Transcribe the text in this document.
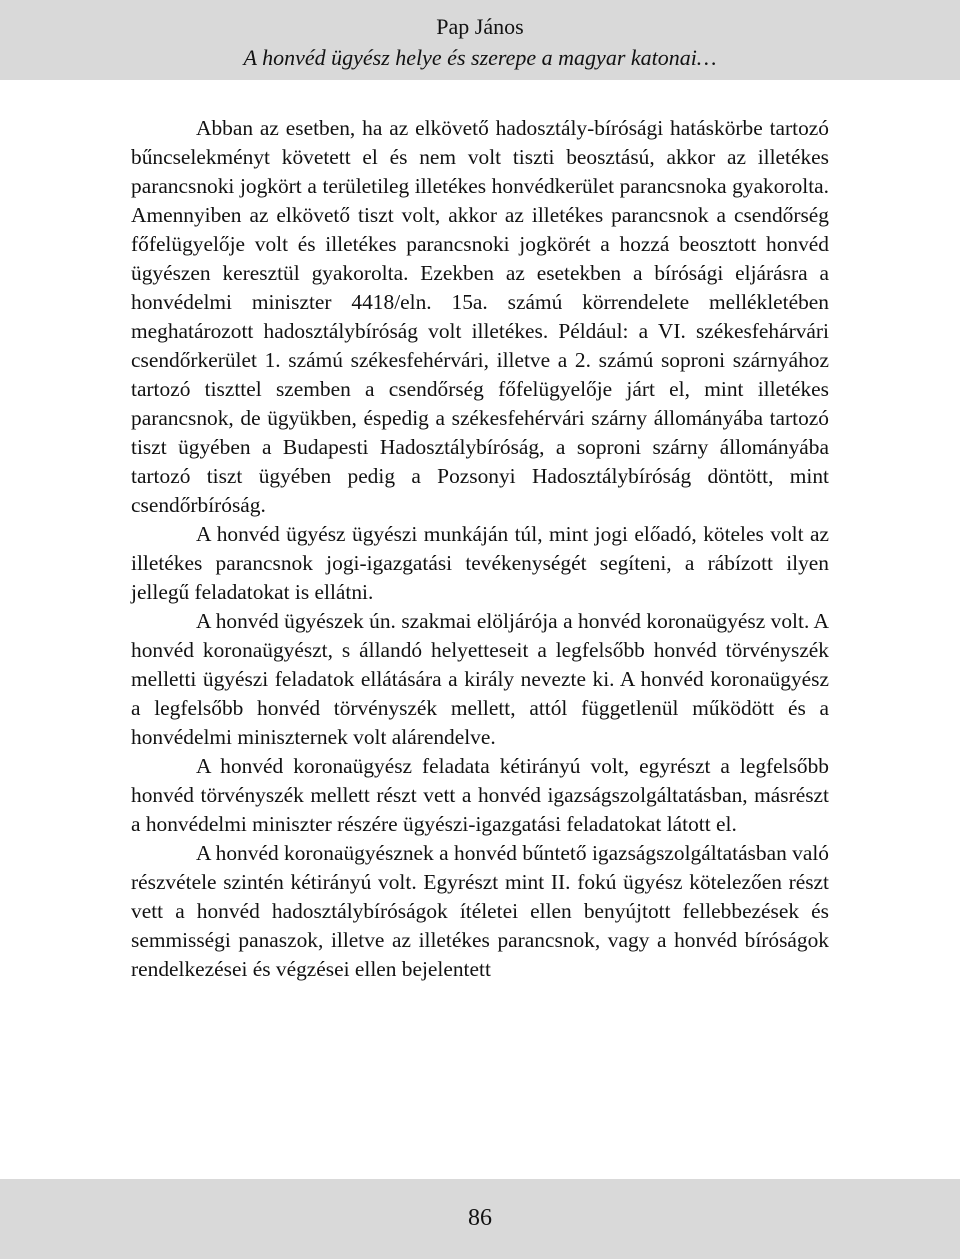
Pap János
A honvéd ügyész helye és szerepe a magyar katonai…

Abban az esetben, ha az elkövető hadosztály-bírósági hatáskörbe tartozó bűncselekményt követett el és nem volt tiszti beosztású, akkor az illetékes parancsnoki jogkört a területileg illetékes honvédkerület parancsnoka gyakorolta. Amennyiben az elkövető tiszt volt, akkor az illetékes parancsnok a csendőrség főfelügyelője volt és illetékes parancsnoki jogkörét a hozzá beosztott honvéd ügyészen keresztül gyakorolta. Ezekben az esetekben a bírósági eljárásra a honvédelmi miniszter 4418/eln. 15a. számú körrendelete mellékletében meghatározott hadosztálybíróság volt illetékes. Például: a VI. székesfehárvári csendőrkerület 1. számú székesfehérvári, illetve a 2. számú soproni szárnyához tartozó tiszttel szemben a csendőrség főfelügyelője járt el, mint illetékes parancsnok, de ügyükben, éspedig a székesfehérvári szárny állományába tartozó tiszt ügyében a Budapesti Hadosztálybíróság, a soproni szárny állományába tartozó tiszt ügyében pedig a Pozsonyi Hadosztálybíróság döntött, mint csendőrbíróság.

A honvéd ügyész ügyészi munkáján túl, mint jogi előadó, köteles volt az illetékes parancsnok jogi-igazgatási tevékenységét segíteni, a rábízott ilyen jellegű feladatokat is ellátni.

A honvéd ügyészek ún. szakmai elöljárója a honvéd koronaügyész volt. A honvéd koronaügyészt, s állandó helyetteseit a legfelsőbb honvéd törvényszék melletti ügyészi feladatok ellátására a király nevezte ki. A honvéd koronaügyész a legfelsőbb honvéd törvényszék mellett, attól függetlenül működött és a honvédelmi miniszternek volt alárendelve.

A honvéd koronaügyész feladata kétirányú volt, egyrészt a legfelsőbb honvéd törvényszék mellett részt vett a honvéd igazságszolgáltatásban, másrészt a honvédelmi miniszter részére ügyészi-igazgatási feladatokat látott el.

A honvéd koronaügyésznek a honvéd bűntető igazságszolgáltatásban való részvétele szintén kétirányú volt. Egyrészt mint II. fokú ügyész kötelezően részt vett a honvéd hadosztálybíróságok ítéletei ellen benyújtott fellebbezések és semmisségi panaszok, illetve az illetékes parancsnok, vagy a honvéd bíróságok rendelkezései és végzései ellen bejelentett

86
